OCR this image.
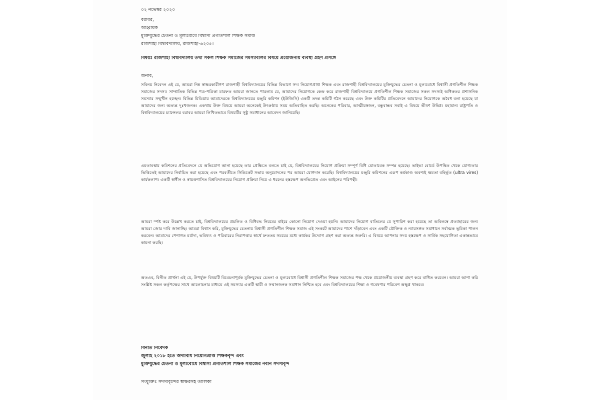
০২ নভেম্বর ২০২০
বরাবর,
আহ্বায়ক
মুক্তিযুদ্ধের চেতনা ও মূল্যবোধে বিশ্বাসী প্রগতিশীল শিক্ষক সমাজ
রাজশাহী বিশ্ববিদ্যালয়, রাজশাহী-৬২০৫।
বিষয়ঃ রাজশাহী বিশ্ববিদ্যালয় তথা সকল শিক্ষক সমাজের সমস্যাবলির বিষয়ে প্রয়োজনীয় ব্যবস্থা গ্রহণ প্রসঙ্গে
জনাব,
সবিনয় নিবেদন এই যে, আমরা নিম্ন স্বাক্ষরকারীগণ রাজশাহী বিশ্ববিদ্যালয়ের বিভিন্ন বিভাগে সদ্য নিয়োগপ্রাপ্ত শিক্ষক এবং রাজশাহী বিশ্ববিদ্যালয়ের মুক্তিযুদ্ধের চেতনা ও মূল্যবোধে বিশ্বাসী প্রগতিশীল শিক্ষক সমাজের সদস্য। সাম্প্রতিক বিভিন্ন পত্র-পত্রিকা মারফত আমরা জানতে পারলাম যে, আমাদের নিয়োগকে কেন্দ্র করে রাজশাহী বিশ্ববিদ্যালয়ে প্রগতিশীল শিক্ষক সমাজের সকল সদস্যই অধিকতর প্রশাসনিক সমস্যার সম্মুখীন হচ্ছেন। বিভিন্ন মিডিয়ায় আমাদেরকে বিশ্ববিদ্যালয়ের মঞ্জুরি কমিশন (ইউজিসি) একটি তদন্ত কমিটি গঠন করেছে এবং উক্ত কমিটির প্রতিবেদনে আমাদের নিয়োগকে অবৈধ বলা হয়েছে যা আমাদের জন্য অত্যন্ত দুঃখজনক। একথায় উক্ত বিষয়ে আমরা অনেকেই উৎকণ্ঠায় সময় অতিবাহিত করছি। অনেকের পরিবার, আত্মীয়স্বজন, বন্ধুবান্ধব সবাই এ বিষয়ে ভীষণ উদ্বিগ্ন। মহামান্য রাষ্ট্রপতি ও বিশ্ববিদ্যালয়ের চ্যান্সেলর বরাবর আমরা লিখিতভাবে বিষয়টির সুষ্ঠু সমাধানের আবেদন জানিয়েছি।
এমতাবস্থায় কমিশনের প্রতিবেদনে যে অভিযোগ আনা হয়েছে তার প্রেক্ষিতে বলতে চাই যে, বিশ্ববিদ্যালয়ের নিয়োগ প্রক্রিয়া সম্পূর্ণ বিধি মোতাবেক সম্পন্ন হয়েছে। ভাইভা বোর্ডে উপস্থিত থেকে যোগ্যতার ভিত্তিতেই আমাদের নির্বাচিত করা হয়েছে এবং পরবর্তীতে সিন্ডিকেট সভায় অনুমোদনের পর আমরা যোগদান করেছি। বিশ্ববিদ্যালয়ের মঞ্জুরি কমিশনের এরূপ কর্মকাণ্ড অবশ্যই ক্ষমতা বহির্ভূত (ultra vires) কার্যকলাপ। একটি স্বাধীন ও স্বায়ত্তশাসিত বিশ্ববিদ্যালয়ের নিয়োগ প্রক্রিয়া নিয়ে এ ধরনের হস্তক্ষেপ অনভিপ্রেত এবং আইনের পরিপন্থী।
আমরা স্পষ্ট করে উল্লেখ করতে চাই, বিশ্ববিদ্যালয়ের প্রচলিত ও বিধিবদ্ধ নিয়মের বাইরে কোনো নিয়োগ দেওয়া হয়নি। আমাদের নিয়োগ বাতিলের যে সুপারিশ করা হয়েছে তা অবিলম্বে প্রত্যাহারের জন্য আমরা জোর দাবি জানাচ্ছি। আমরা বিশ্বাস করি, মুক্তিযুদ্ধের চেতনায় বিশ্বাসী প্রগতিশীল শিক্ষক সমাজ এই সংকটে আমাদের পাশে দাঁড়াবেন এবং একটি যৌক্তিক ও ন্যায়সঙ্গত সমাধানে সর্বাত্মক ভূমিকা পালন করবেন। আমাদের পেশাগত মর্যাদা, ভবিষ্যৎ ও পরিবারের নিরাপত্তার স্বার্থে দ্রুততম সময়ের মধ্যে কার্যকর উদ্যোগ গ্রহণ করা অত্যন্ত জরুরি। এ বিষয়ে আপনার সদয় হস্তক্ষেপ ও সার্বিক সহযোগিতা একান্তভাবে কামনা করছি।
অতএব, বিনীত প্রার্থনা এই যে, উপর্যুক্ত বিষয়টি বিবেচনাপূর্বক মুক্তিযুদ্ধের চেতনা ও মূল্যবোধে বিশ্বাসী প্রগতিশীল শিক্ষক সমাজের পক্ষ থেকে প্রয়োজনীয় ব্যবস্থা গ্রহণ করে বাধিত করবেন। আমরা আশা করি সংশ্লিষ্ট সকল কর্তৃপক্ষের সাথে আলোচনার মাধ্যমে এই সমস্যার একটি স্থায়ী ও সম্মানজনক সমাধান নিশ্চিত হবে এবং বিশ্ববিদ্যালয়ের শিক্ষা ও গবেষণার পরিবেশ অক্ষুণ্ণ থাকবে।
বিনীত নিবেদক
জুলাই ২০১৮ হতে অদ্যাবধি নিয়োগপ্রাপ্ত শিক্ষকবৃন্দ এবং
মুক্তিযুদ্ধের চেতনা ও মূল্যবোধে বিশ্বাসী প্রগতিশীল শিক্ষক সমাজের নবীন সদস্যবৃন্দ
সংযুক্তিঃ সদস্যবৃন্দের স্বাক্ষরসহ তালিকা
